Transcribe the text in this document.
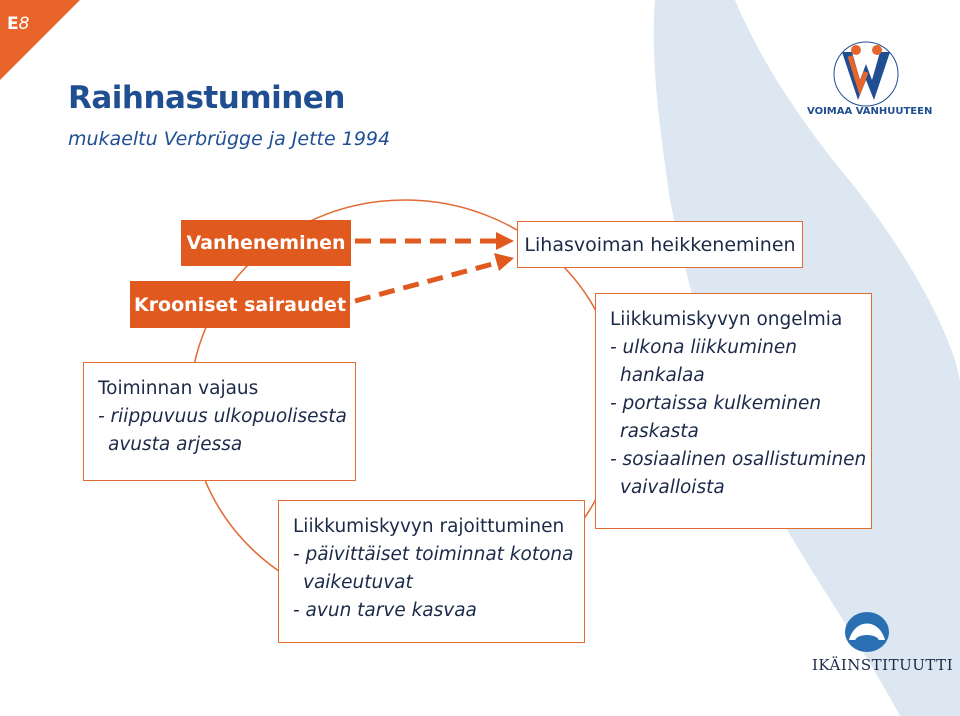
E8
Raihnastuminen
mukaeltu Verbrügge ja Jette 1994
VOIMAA VANHUUTEEN
IKÄINSTITUUTTI
Vanheneminen
Krooniset sairaudet
Lihasvoiman heikkeneminen
Liikkumiskyvyn ongelmia
- ulkona liikkuminen
hankalaa
- portaissa kulkeminen
raskasta
- sosiaalinen osallistuminen
vaivalloista
Toiminnan vajaus
- riippuvuus ulkopuolisesta
avusta arjessa
Liikkumiskyvyn rajoittuminen
- päivittäiset toiminnat kotona
vaikeutuvat
- avun tarve kasvaa
